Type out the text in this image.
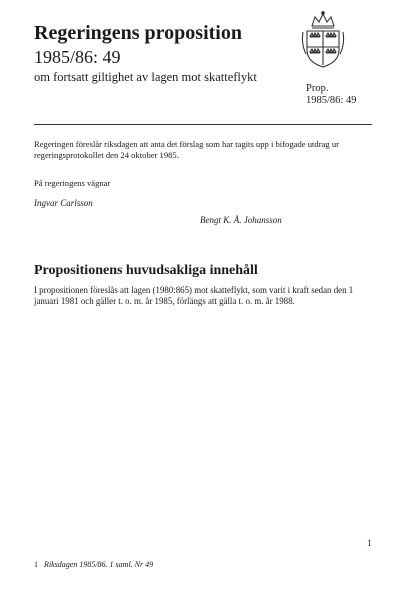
Regeringens proposition
1985/86: 49
om fortsatt giltighet av lagen mot skatteflykt
Prop.
1985/86: 49

Regeringen föreslår riksdagen att anta det förslag som har tagits upp i bifogade utdrag ur regeringsprotokollet den 24 oktober 1985.

På regeringens vägnar

Ingvar Carlsson

Bengt K. Å. Johansson

Propositionens huvudsakliga innehåll

I propositionen föreslås att lagen (1980:865) mot skatteflykt, som varit i kraft sedan den 1 januari 1981 och gäller t. o. m. år 1985, förlängs att gälla t. o. m. år 1988.

1
1 Riksdagen 1985/86. 1 saml. Nr 49
